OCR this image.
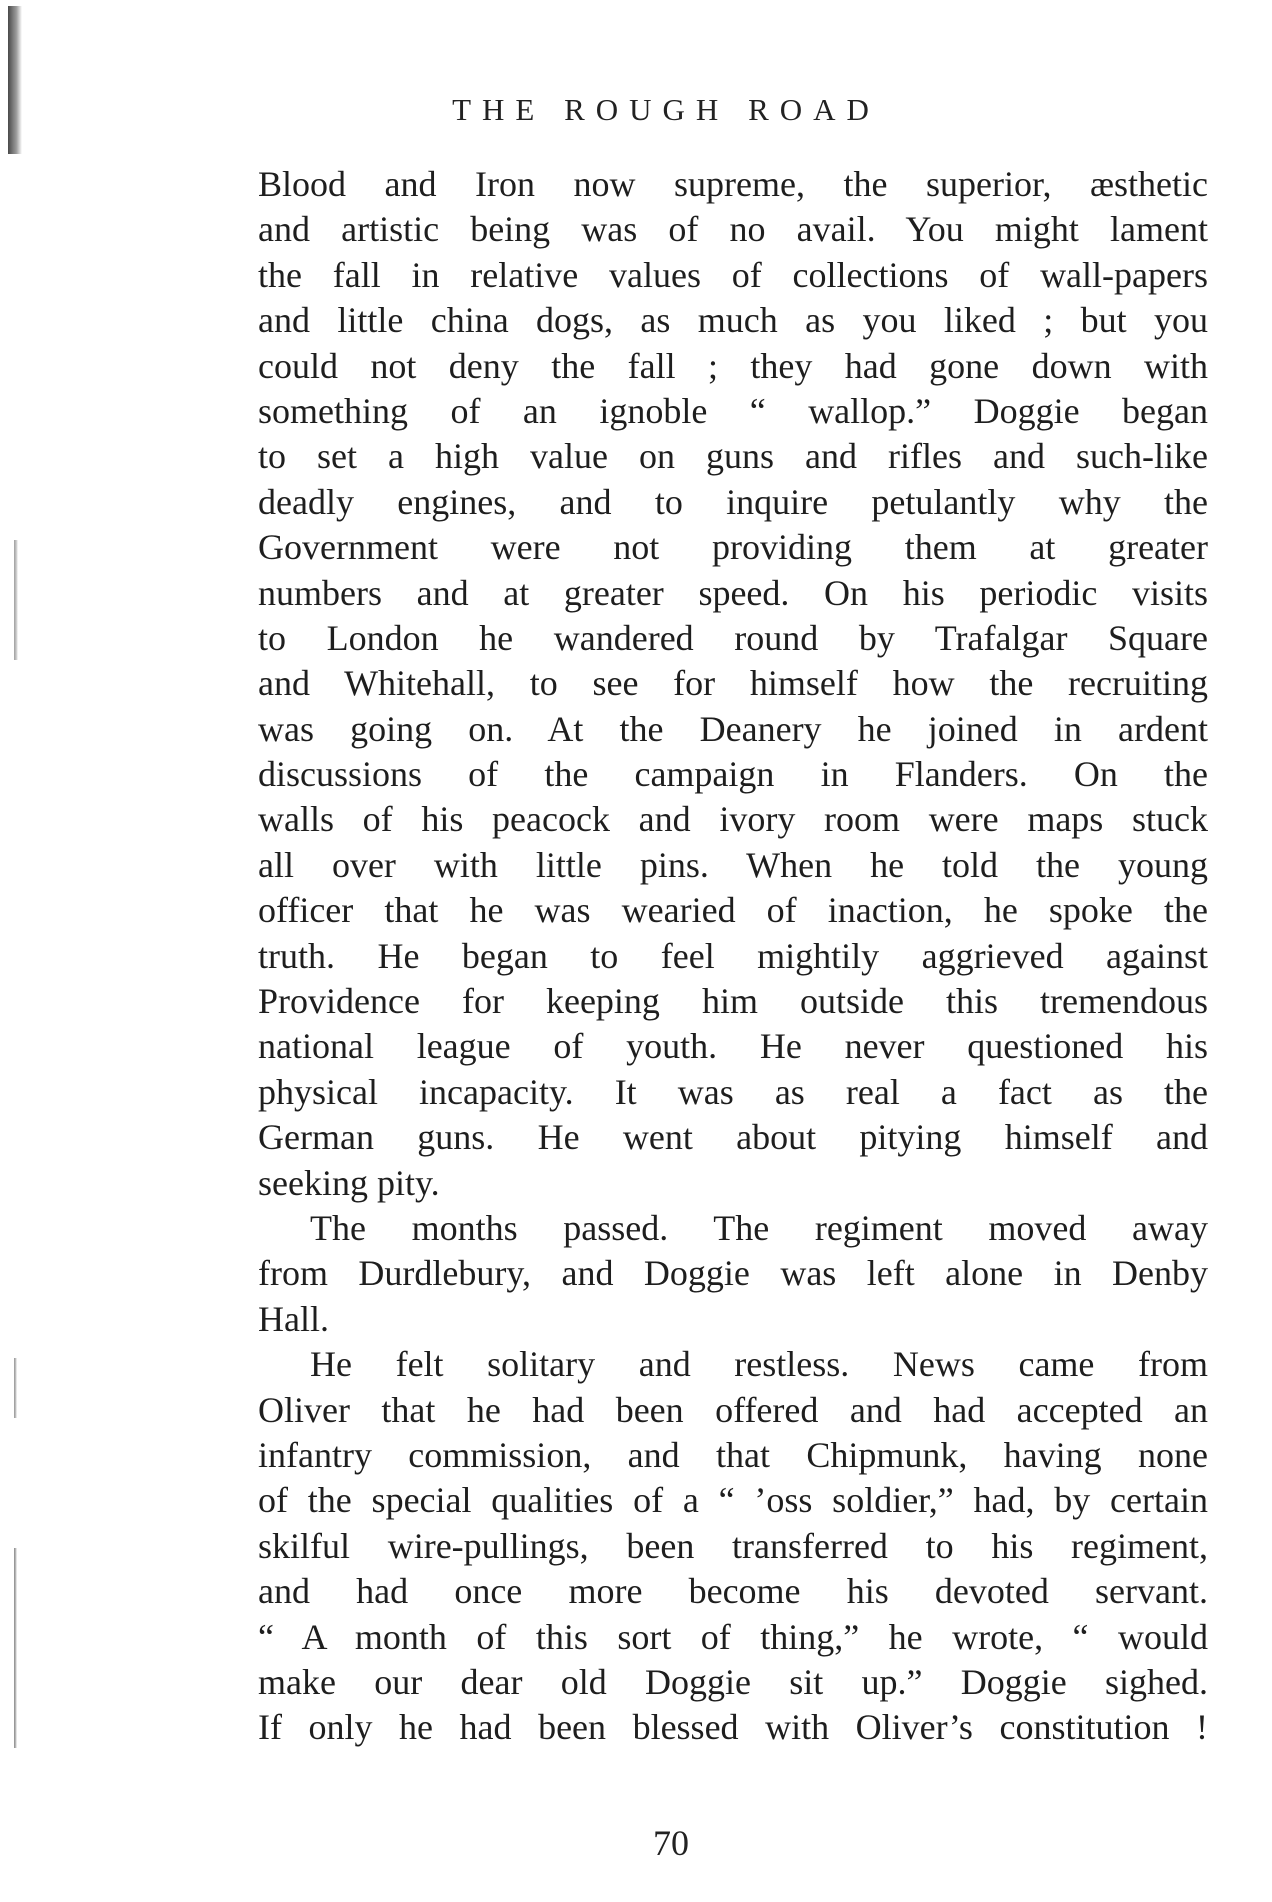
THE ROUGH ROAD
Blood and Iron now supreme, the superior, æsthetic
and artistic being was of no avail. You might lament
the fall in relative values of collections of wall-papers
and little china dogs, as much as you liked ; but you
could not deny the fall ; they had gone down with
something of an ignoble “ wallop.” Doggie began
to set a high value on guns and rifles and such-like
deadly engines, and to inquire petulantly why the
Government were not providing them at greater
numbers and at greater speed. On his periodic visits
to London he wandered round by Trafalgar Square
and Whitehall, to see for himself how the recruiting
was going on. At the Deanery he joined in ardent
discussions of the campaign in Flanders. On the
walls of his peacock and ivory room were maps stuck
all over with little pins. When he told the young
officer that he was wearied of inaction, he spoke the
truth. He began to feel mightily aggrieved against
Providence for keeping him outside this tremendous
national league of youth. He never questioned his
physical incapacity. It was as real a fact as the
German guns. He went about pitying himself and
seeking pity.
The months passed. The regiment moved away
from Durdlebury, and Doggie was left alone in Denby
Hall.
He felt solitary and restless. News came from
Oliver that he had been offered and had accepted an
infantry commission, and that Chipmunk, having none
of the special qualities of a “ ’oss soldier,” had, by certain
skilful wire-pullings, been transferred to his regiment,
and had once more become his devoted servant.
“ A month of this sort of thing,” he wrote, “ would
make our dear old Doggie sit up.” Doggie sighed.
If only he had been blessed with Oliver’s constitution !
70
